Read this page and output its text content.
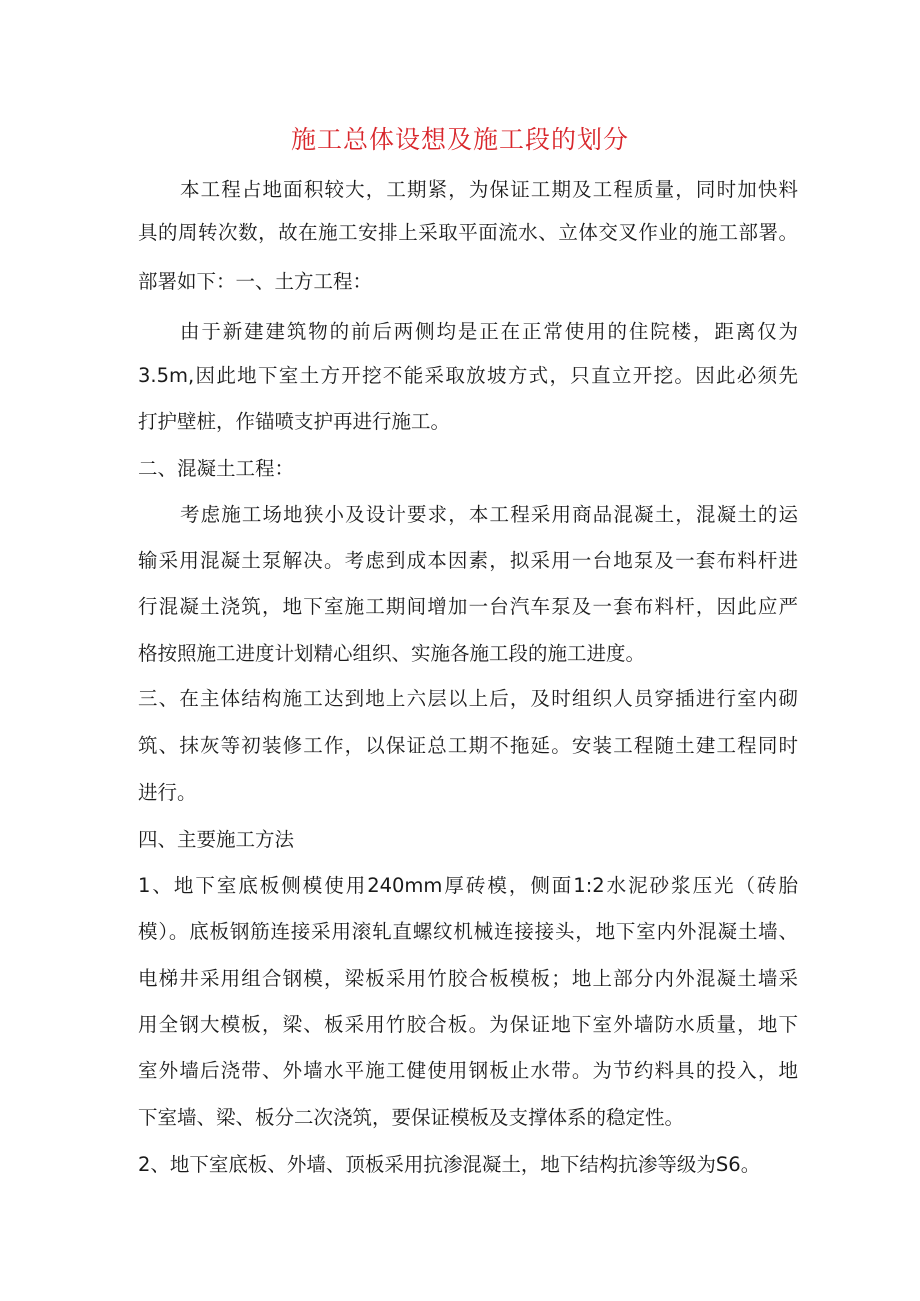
施工总体设想及施工段的划分
本工程占地面积较大，工期紧，为保证工期及工程质量，同时加快料
具的周转次数，故在施工安排上采取平面流水、立体交叉作业的施工部署。
部署如下：一、土方工程：
由于新建建筑物的前后两侧均是正在正常使用的住院楼，距离仅为
3.5m,因此地下室土方开挖不能采取放坡方式，只直立开挖。因此必须先
打护壁桩，作锚喷支护再进行施工。
二、混凝土工程：
考虑施工场地狭小及设计要求，本工程采用商品混凝土，混凝土的运
输采用混凝土泵解决。考虑到成本因素，拟采用一台地泵及一套布料杆进
行混凝土浇筑，地下室施工期间增加一台汽车泵及一套布料杆，因此应严
格按照施工进度计划精心组织、实施各施工段的施工进度。
三、在主体结构施工达到地上六层以上后，及时组织人员穿插进行室内砌
筑、抹灰等初装修工作，以保证总工期不拖延。安装工程随土建工程同时
进行。
四、主要施工方法
1、地下室底板侧模使用240mm厚砖模，侧面1:2水泥砂浆压光（砖胎
模）。底板钢筋连接采用滚轧直螺纹机械连接接头，地下室内外混凝土墙、
电梯井采用组合钢模，梁板采用竹胶合板模板；地上部分内外混凝土墙采
用全钢大模板，梁、板采用竹胶合板。为保证地下室外墙防水质量，地下
室外墙后浇带、外墙水平施工健使用钢板止水带。为节约料具的投入，地
下室墙、梁、板分二次浇筑，要保证模板及支撑体系的稳定性。
2、地下室底板、外墙、顶板采用抗渗混凝土，地下结构抗渗等级为S6。
